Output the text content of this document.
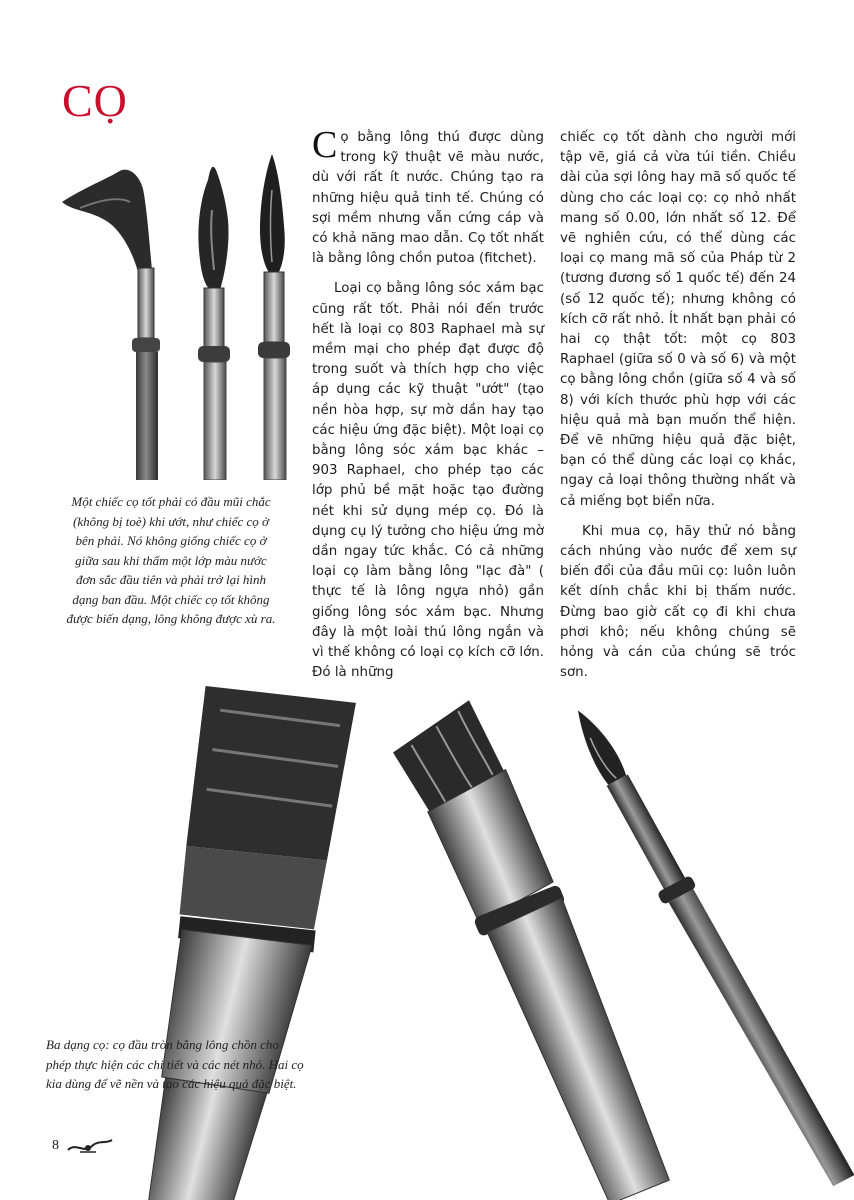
CỌ
Một chiếc cọ tốt phải có đầu mũi chắc (không bị toè) khi ướt, như chiếc cọ ở bên phải. Nó không giống chiếc cọ ở giữa sau khi thấm một lớp màu nước đơn sắc đầu tiên và phải trở lại hình dạng ban đầu. Một chiếc cọ tốt không được biến dạng, lông không được xù ra.

Cọ bằng lông thú được dùng trong kỹ thuật vẽ màu nước, dù với rất ít nước. Chúng tạo ra những hiệu quả tinh tế. Chúng có sợi mềm nhưng vẫn cứng cáp và có khả năng mao dẫn. Cọ tốt nhất là bằng lông chồn putoa (fitchet).

Loại cọ bằng lông sóc xám bạc cũng rất tốt. Phải nói đến trước hết là loại cọ 803 Raphael mà sự mềm mại cho phép đạt được độ trong suốt và thích hợp cho việc áp dụng các kỹ thuật "ướt" (tạo nền hòa hợp, sự mờ dần hay tạo các hiệu ứng đặc biệt). Một loại cọ bằng lông sóc xám bạc khác – 903 Raphael, cho phép tạo các lớp phủ bề mặt hoặc tạo đường nét khi sử dụng mép cọ. Đó là dụng cụ lý tưởng cho hiệu ứng mờ dần ngay tức khắc. Có cả những loại cọ làm bằng lông "lạc đà" ( thực tế là lông ngựa nhỏ) gần giống lông sóc xám bạc. Nhưng đây là một loài thú lông ngắn và vì thế không có loại cọ kích cỡ lớn. Đó là những

chiếc cọ tốt dành cho người mới tập vẽ, giá cả vừa túi tiền. Chiều dài của sợi lông hay mã số quốc tế dùng cho các loại cọ: cọ nhỏ nhất mang số 0.00, lớn nhất số 12. Để vẽ nghiên cứu, có thể dùng các loại cọ mang mã số của Pháp từ 2 (tương đương số 1 quốc tế) đến 24 (số 12 quốc tế); nhưng không có kích cỡ rất nhỏ. Ít nhất bạn phải có hai cọ thật tốt: một cọ 803 Raphael (giữa số 0 và số 6) và một cọ bằng lông chồn (giữa số 4 và số 8) với kích thước phù hợp với các hiệu quả mà bạn muốn thể hiện. Để vẽ những hiệu quả đặc biệt, bạn có thể dùng các loại cọ khác, ngay cả loại thông thường nhất và cả miếng bọt biển nữa.

Khi mua cọ, hãy thử nó bằng cách nhúng vào nước để xem sự biến đổi của đầu mũi cọ: luôn luôn kết dính chắc khi bị thấm nước. Đừng bao giờ cất cọ đi khi chưa phơi khô; nếu không chúng sẽ hỏng và cán của chúng sẽ tróc sơn.

Ba dạng cọ: cọ đầu tròn bằng lông chồn cho phép thực hiện các chi tiết và các nét nhỏ. Hai cọ kia dùng để vẽ nền và tạo các hiệu quả đặc biệt.
8
